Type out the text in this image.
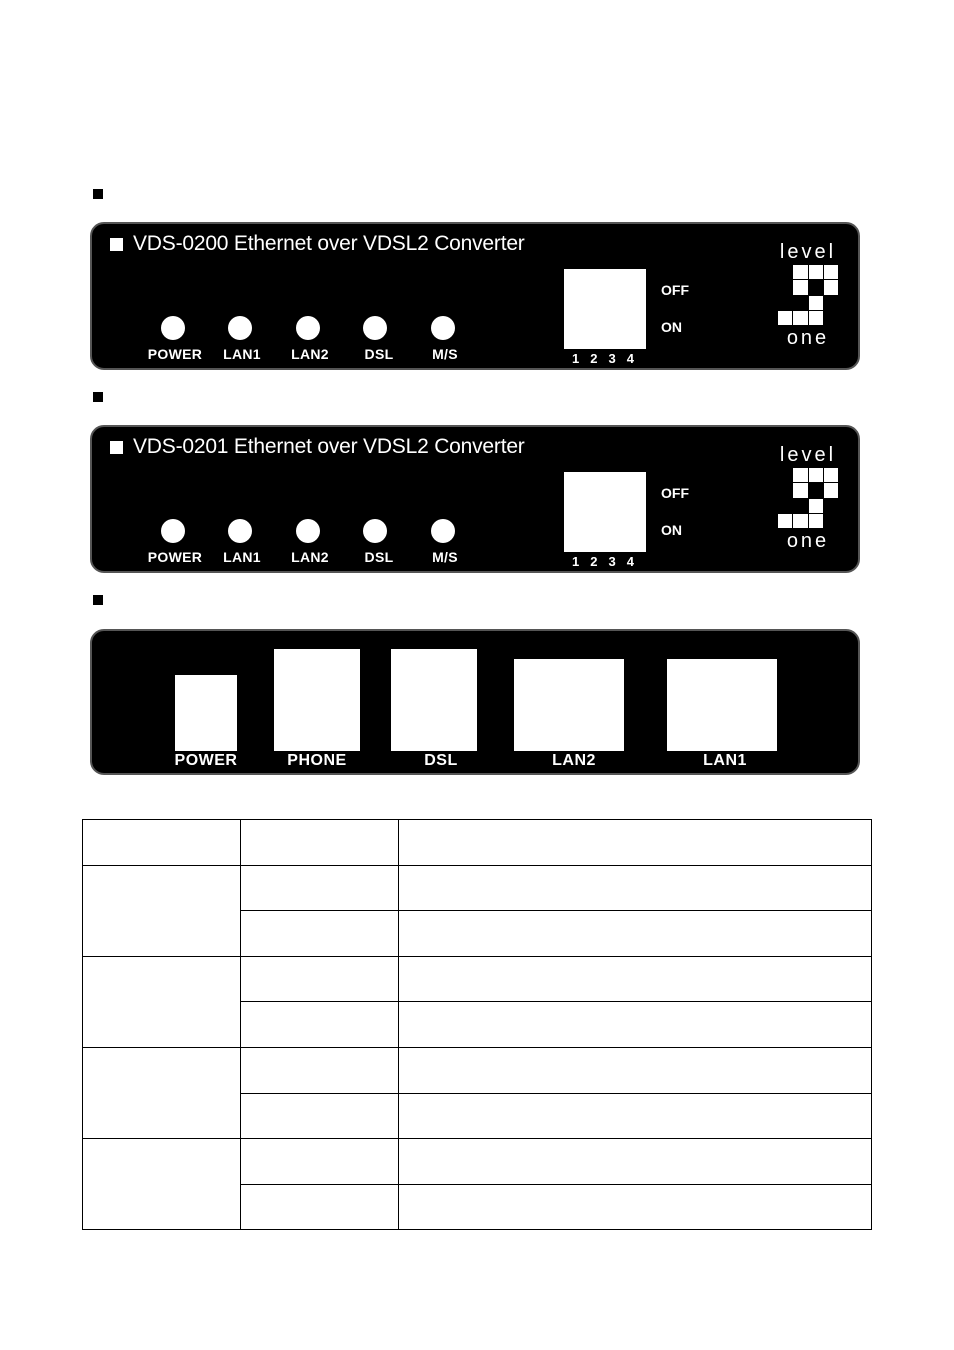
VDS-0200 Ethernet over VDSL2 Converter
POWER	LAN1	LAN2	DSL	M/S	1 2 3 4
OFF
ON
level
one
VDS-0201 Ethernet over VDSL2 Converter
POWER	LAN1	LAN2	DSL	M/S	1 2 3 4
OFF
ON
level
one
POWER	PHONE	DSL	LAN2	LAN1
